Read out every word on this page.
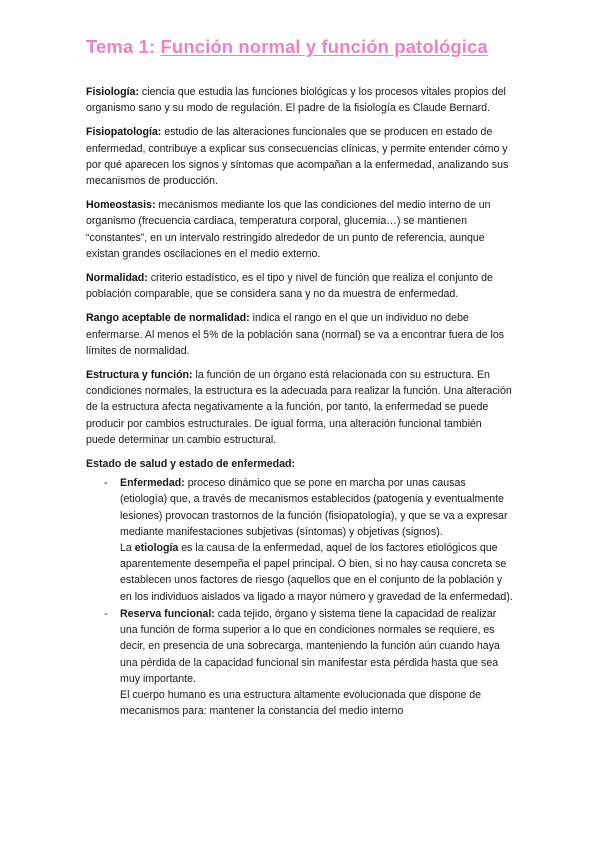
Tema 1: Función normal y función patológica

Fisiología: ciencia que estudia las funciones biológicas y los procesos vitales propios del organismo sano y su modo de regulación. El padre de la fisiología es Claude Bernard.

Fisiopatología: estudio de las alteraciones funcionales que se producen en estado de enfermedad, contribuye a explicar sus consecuencias clínicas, y permite entender cómo y por qué aparecen los signos y síntomas que acompañan a la enfermedad, analizando sus mecanismos de producción.

Homeostasis: mecanismos mediante los que las condiciones del medio interno de un organismo (frecuencia cardiaca, temperatura corporal, glucemia…) se mantienen “constantes”, en un intervalo restringido alrededor de un punto de referencia, aunque existan grandes oscilaciones en el medio externo.

Normalidad: criterio estadístico, es el tipo y nivel de función que realiza el conjunto de población comparable, que se considera sana y no da muestra de enfermedad.

Rango aceptable de normalidad: indica el rango en el que un individuo no debe enfermarse. Al menos el 5% de la población sana (normal) se va a encontrar fuera de los límites de normalidad.

Estructura y función: la función de un órgano está relacionada con su estructura. En condiciones normales, la estructura es la adecuada para realizar la función. Una alteración de la estructura afecta negativamente a la función, por tanto, la enfermedad se puede producir por cambios estructurales. De igual forma, una alteración funcional también puede determinar un cambio estructural.

Estado de salud y estado de enfermedad:
- Enfermedad: proceso dinámico que se pone en marcha por unas causas (etiología) que, a través de mecanismos establecidos (patogenia y eventualmente lesiones) provocan trastornos de la función (fisiopatología), y que se va a expresar mediante manifestaciones subjetivas (síntomas) y objetivas (signos).
La etiología es la causa de la enfermedad, aquel de los factores etiológicos que aparentemente desempeña el papel principal. O bien, si no hay causa concreta se establecen unos factores de riesgo (aquellos que en el conjunto de la población y en los individuos aislados va ligado a mayor número y gravedad de la enfermedad).
- Reserva funcional: cada tejido, órgano y sistema tiene la capacidad de realizar una función de forma superior a lo que en condiciones normales se requiere, es decir, en presencia de una sobrecarga, manteniendo la función aún cuando haya una pérdida de la capacidad funcional sin manifestar esta pérdida hasta que sea muy importante.
El cuerpo humano es una estructura altamente evolucionada que dispone de mecanismos para: mantener la constancia del medio interno
